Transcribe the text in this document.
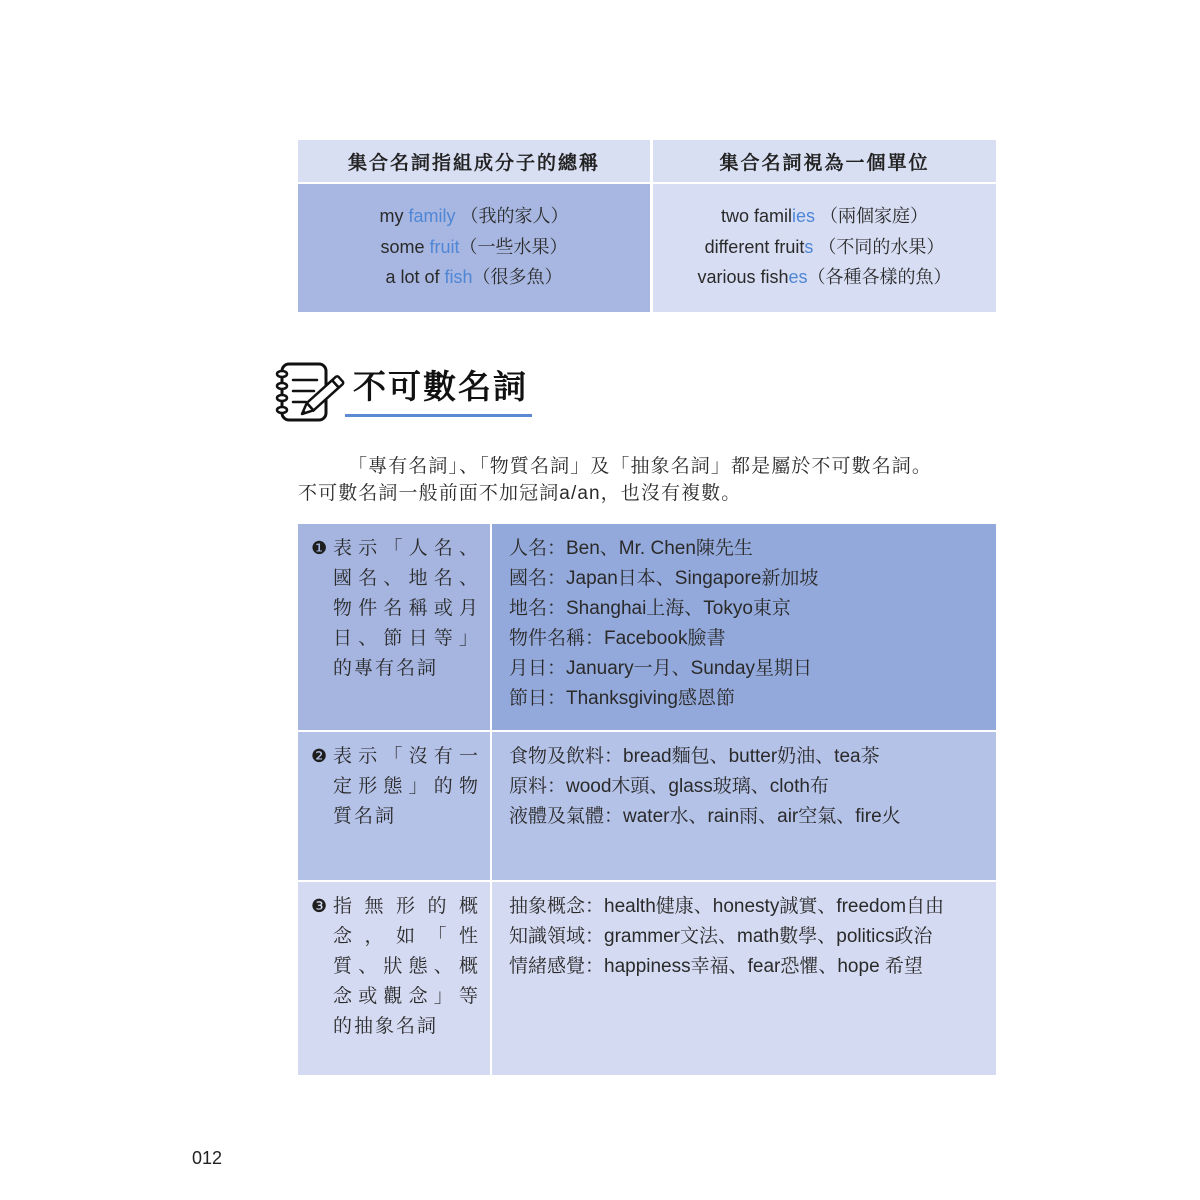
集合名詞指組成分子的總稱	集合名詞視為一個單位
my family （我的家人）
some fruit（一些水果）
a lot of fish（很多魚）
two families （兩個家庭）
different fruits （不同的水果）
various fishes（各種各樣的魚）
不可數名詞
「專有名詞」、「物質名詞」及「抽象名詞」都是屬於不可數名詞。
不可數名詞一般前面不加冠詞a/an，也沒有複數。
❶ 表示「人名、
國名、地名、
物件名稱或月
日、節日等」
的專有名詞
人名：Ben、Mr. Chen陳先生
國名：Japan日本、Singapore新加坡
地名：Shanghai上海、Tokyo東京
物件名稱：Facebook臉書
月日：January一月、Sunday星期日
節日：Thanksgiving感恩節
❷ 表示「沒有一
定形態」的物
質名詞
食物及飲料：bread麵包、butter奶油、tea茶
原料：wood木頭、glass玻璃、cloth布
液體及氣體：water水、rain雨、air空氣、fire火
❸ 指無形的概
念，如「性
質、狀態、概
念或觀念」等
的抽象名詞
抽象概念：health健康、honesty誠實、freedom自由
知識領域：grammer文法、math數學、politics政治
情緒感覺：happiness幸福、fear恐懼、hope 希望
012
